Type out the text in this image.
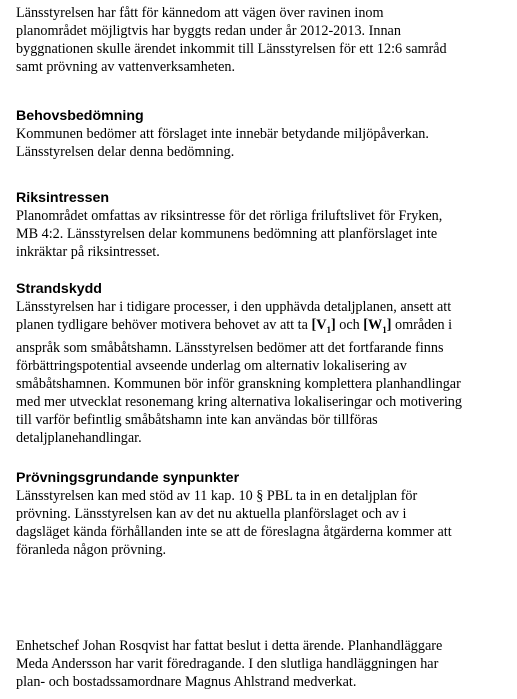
Länsstyrelsen har fått för kännedom att vägen över ravinen inom
planområdet möjligtvis har byggts redan under år 2012-2013. Innan
byggnationen skulle ärendet inkommit till Länsstyrelsen för ett 12:6 samråd
samt prövning av vattenverksamheten.
Behovsbedömning
Kommunen bedömer att förslaget inte innebär betydande miljöpåverkan.
Länsstyrelsen delar denna bedömning.
Riksintressen
Planområdet omfattas av riksintresse för det rörliga friluftslivet för Fryken,
MB 4:2. Länsstyrelsen delar kommunens bedömning att planförslaget inte
inkräktar på riksintresset.
Strandskydd
Länsstyrelsen har i tidigare processer, i den upphävda detaljplanen, ansett att
planen tydligare behöver motivera behovet av att ta $[V_1]$ och $[W_1]$ områden i
anspråk som småbåtshamn. Länsstyrelsen bedömer att det fortfarande finns
förbättringspotential avseende underlag om alternativ lokalisering av
småbåtshamnen. Kommunen bör inför granskning komplettera planhandlingar
med mer utvecklat resonemang kring alternativa lokaliseringar och motivering
till varför befintlig småbåtshamn inte kan användas bör tillföras
detaljplanehandlingar.
Prövningsgrundande synpunkter
Länsstyrelsen kan med stöd av 11 kap. 10 § PBL ta in en detaljplan för
prövning. Länsstyrelsen kan av det nu aktuella planförslaget och av i
dagsläget kända förhållanden inte se att de föreslagna åtgärderna kommer att
föranleda någon prövning.
Enhetschef Johan Rosqvist har fattat beslut i detta ärende. Planhandläggare
Meda Andersson har varit föredragande. I den slutliga handläggningen har
plan- och bostadssamordnare Magnus Ahlstrand medverkat.
